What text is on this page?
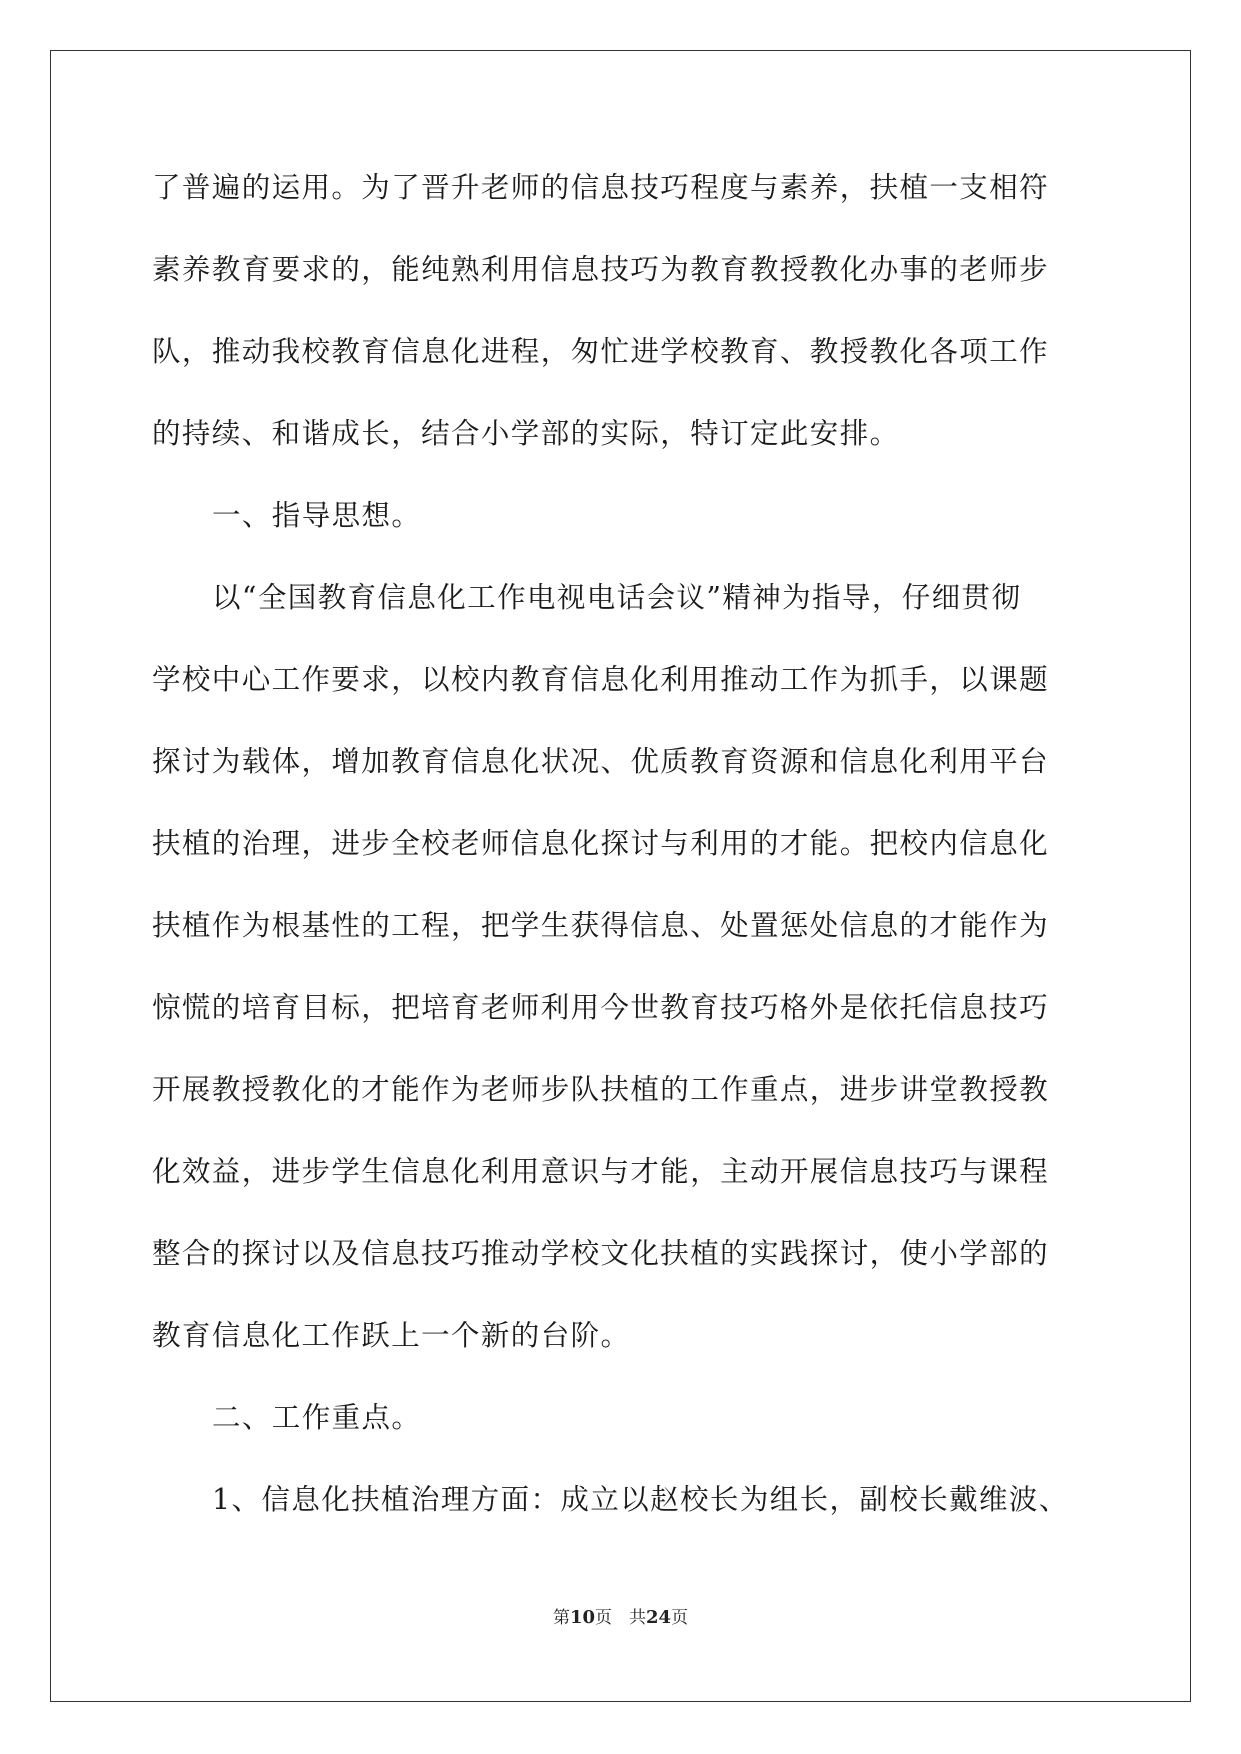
了普遍的运用。为了晋升老师的信息技巧程度与素养，扶植一支相符
素养教育要求的，能纯熟利用信息技巧为教育教授教化办事的老师步
队，推动我校教育信息化进程，匆忙进学校教育、教授教化各项工作
的持续、和谐成长，结合小学部的实际，特订定此安排。
一、指导思想。
以“全国教育信息化工作电视电话会议”精神为指导，仔细贯彻
学校中心工作要求，以校内教育信息化利用推动工作为抓手，以课题
探讨为载体，增加教育信息化状况、优质教育资源和信息化利用平台
扶植的治理，进步全校老师信息化探讨与利用的才能。把校内信息化
扶植作为根基性的工程，把学生获得信息、处置惩处信息的才能作为
惊慌的培育目标，把培育老师利用今世教育技巧格外是依托信息技巧
开展教授教化的才能作为老师步队扶植的工作重点，进步讲堂教授教
化效益，进步学生信息化利用意识与才能，主动开展信息技巧与课程
整合的探讨以及信息技巧推动学校文化扶植的实践探讨，使小学部的
教育信息化工作跃上一个新的台阶。
二、工作重点。
1、信息化扶植治理方面：成立以赵校长为组长，副校长戴维波、
第10页　共24页
